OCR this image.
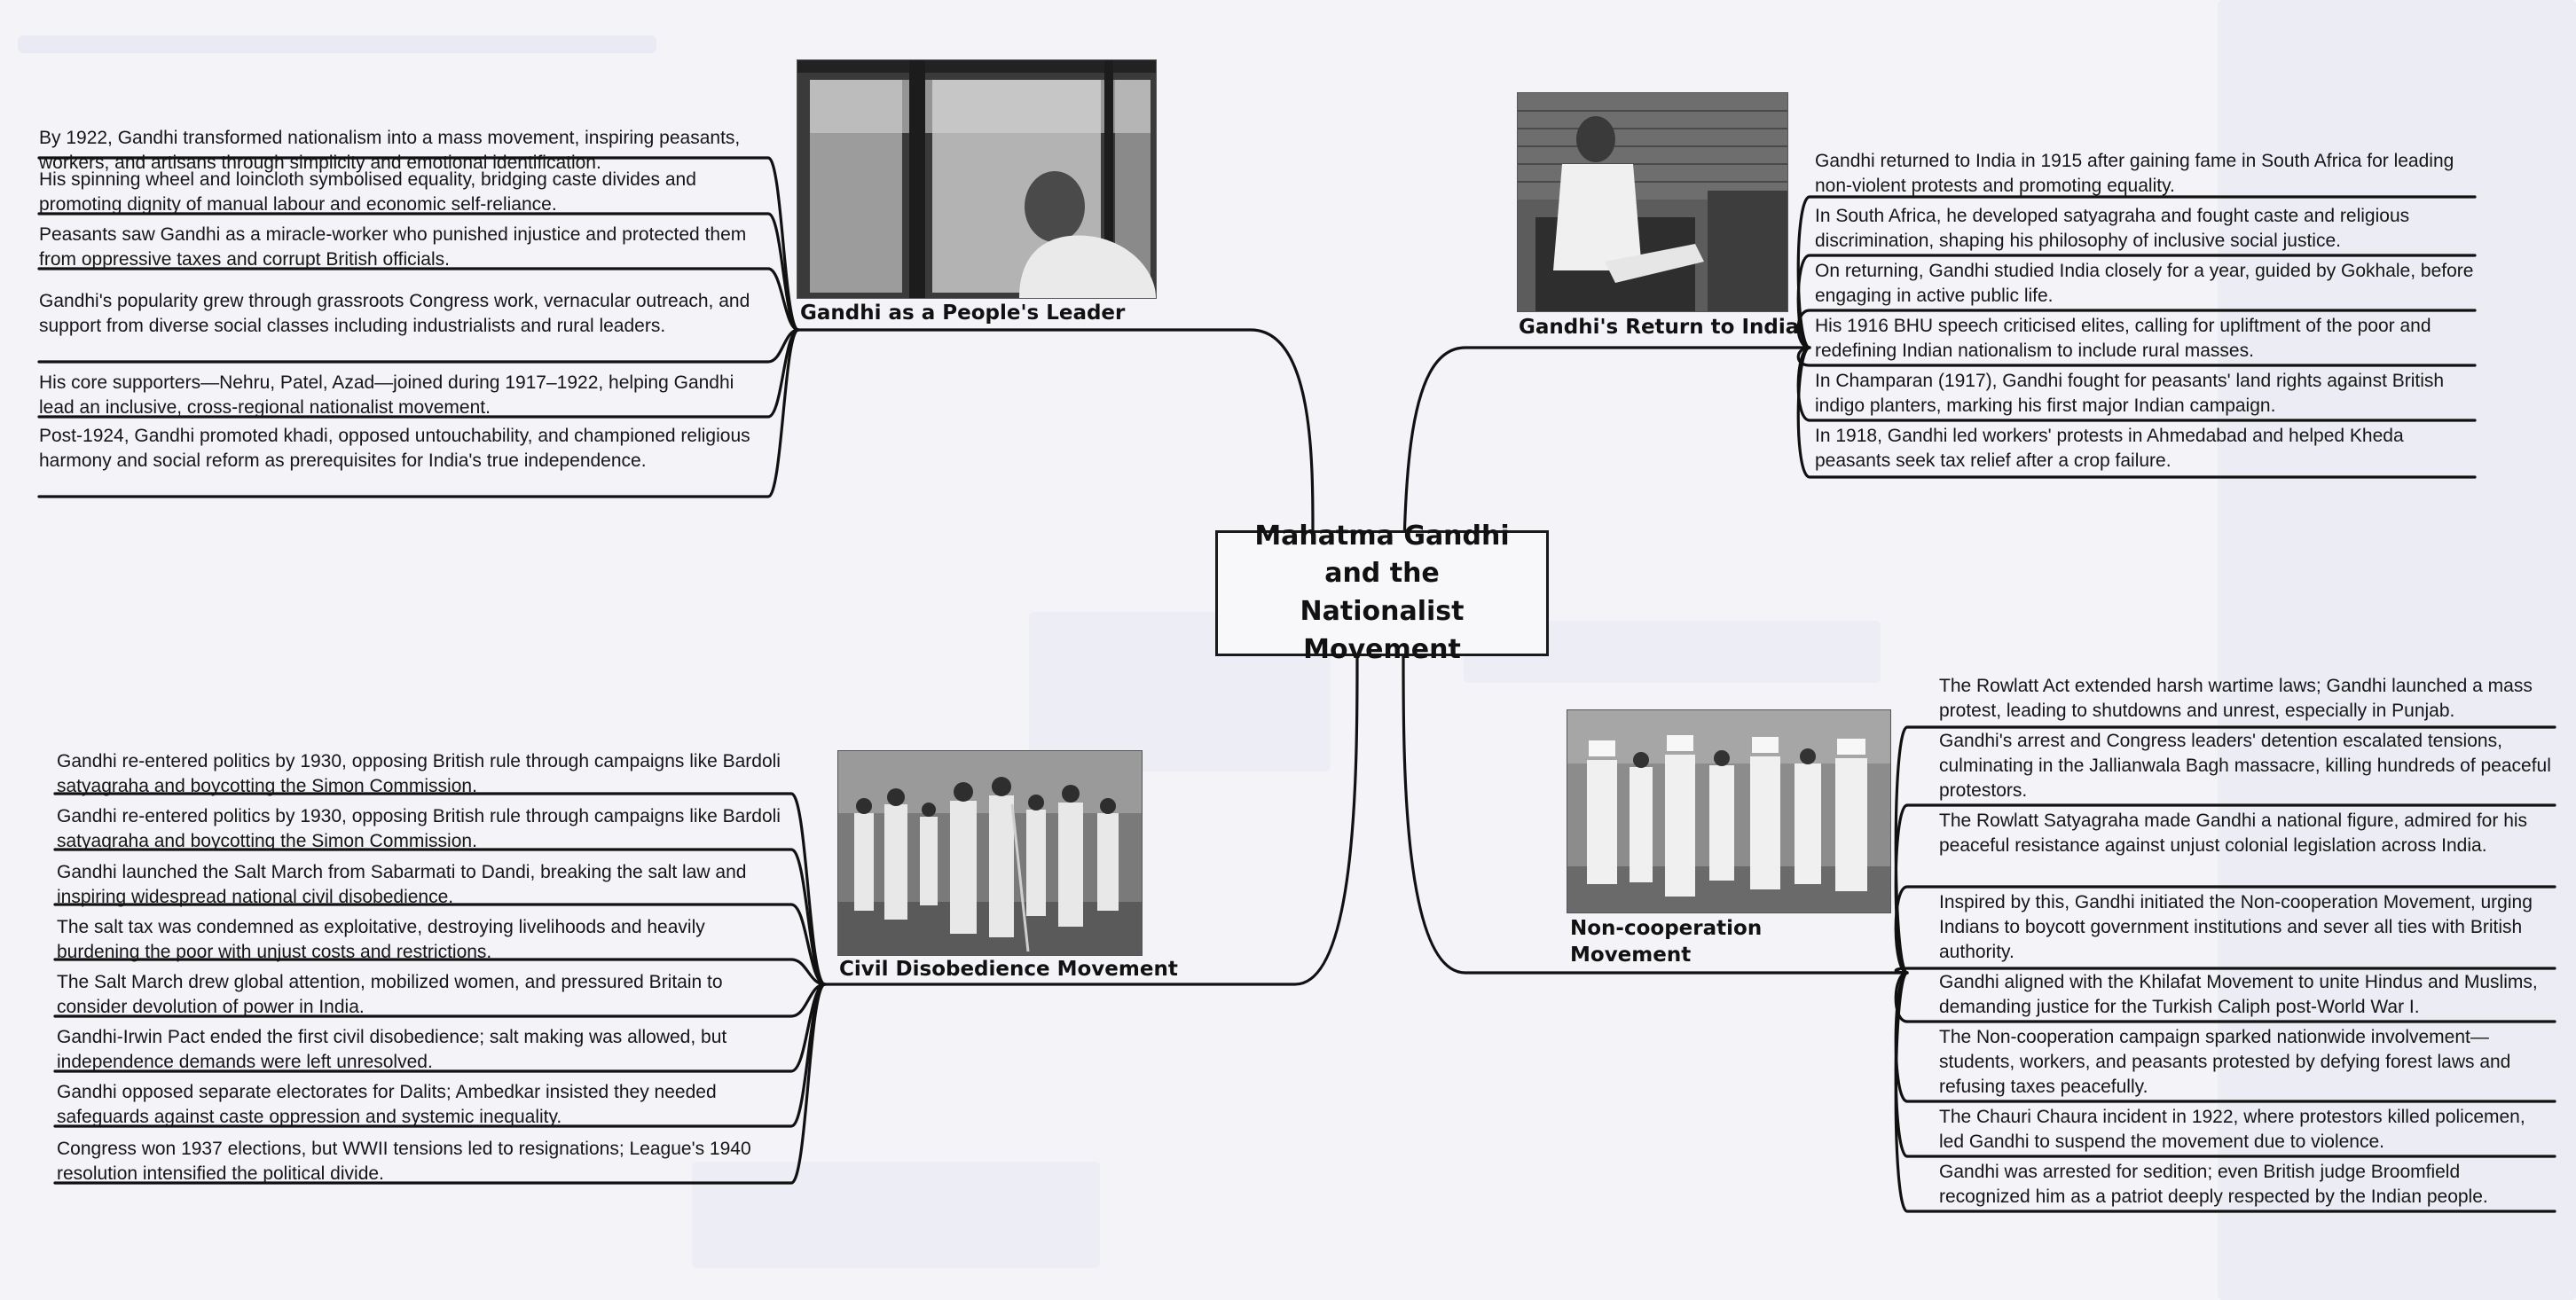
Mahatma Gandhi and the Nationalist Movement
Gandhi as a People's Leader
By 1922, Gandhi transformed nationalism into a mass movement, inspiring peasants, workers, and artisans through simplicity and emotional identification.
His spinning wheel and loincloth symbolised equality, bridging caste divides and promoting dignity of manual labour and economic self-reliance.
Peasants saw Gandhi as a miracle-worker who punished injustice and protected them from oppressive taxes and corrupt British officials.
Gandhi's popularity grew through grassroots Congress work, vernacular outreach, and support from diverse social classes including industrialists and rural leaders.
His core supporters—Nehru, Patel, Azad—joined during 1917–1922, helping Gandhi lead an inclusive, cross-regional nationalist movement.
Post-1924, Gandhi promoted khadi, opposed untouchability, and championed religious harmony and social reform as prerequisites for India's true independence.
Gandhi's Return to India
Gandhi returned to India in 1915 after gaining fame in South Africa for leading non-violent protests and promoting equality.
In South Africa, he developed satyagraha and fought caste and religious discrimination, shaping his philosophy of inclusive social justice.
On returning, Gandhi studied India closely for a year, guided by Gokhale, before engaging in active public life.
His 1916 BHU speech criticised elites, calling for upliftment of the poor and redefining Indian nationalism to include rural masses.
In Champaran (1917), Gandhi fought for peasants' land rights against British indigo planters, marking his first major Indian campaign.
In 1918, Gandhi led workers' protests in Ahmedabad and helped Kheda peasants seek tax relief after a crop failure.
Civil Disobedience Movement
Gandhi re-entered politics by 1930, opposing British rule through campaigns like Bardoli satyagraha and boycotting the Simon Commission.
Gandhi re-entered politics by 1930, opposing British rule through campaigns like Bardoli satyagraha and boycotting the Simon Commission.
Gandhi launched the Salt March from Sabarmati to Dandi, breaking the salt law and inspiring widespread national civil disobedience.
The salt tax was condemned as exploitative, destroying livelihoods and heavily burdening the poor with unjust costs and restrictions.
The Salt March drew global attention, mobilized women, and pressured Britain to consider devolution of power in India.
Gandhi-Irwin Pact ended the first civil disobedience; salt making was allowed, but independence demands were left unresolved.
Gandhi opposed separate electorates for Dalits; Ambedkar insisted they needed safeguards against caste oppression and systemic inequality.
Congress won 1937 elections, but WWII tensions led to resignations; League's 1940 resolution intensified the political divide.
Non-cooperation Movement
The Rowlatt Act extended harsh wartime laws; Gandhi launched a mass protest, leading to shutdowns and unrest, especially in Punjab.
Gandhi's arrest and Congress leaders' detention escalated tensions, culminating in the Jallianwala Bagh massacre, killing hundreds of peaceful protestors.
The Rowlatt Satyagraha made Gandhi a national figure, admired for his peaceful resistance against unjust colonial legislation across India.
Inspired by this, Gandhi initiated the Non-cooperation Movement, urging Indians to boycott government institutions and sever all ties with British authority.
Gandhi aligned with the Khilafat Movement to unite Hindus and Muslims, demanding justice for the Turkish Caliph post-World War I.
The Non-cooperation campaign sparked nationwide involvement—students, workers, and peasants protested by defying forest laws and refusing taxes peacefully.
The Chauri Chaura incident in 1922, where protestors killed policemen, led Gandhi to suspend the movement due to violence.
Gandhi was arrested for sedition; even British judge Broomfield recognized him as a patriot deeply respected by the Indian people.
